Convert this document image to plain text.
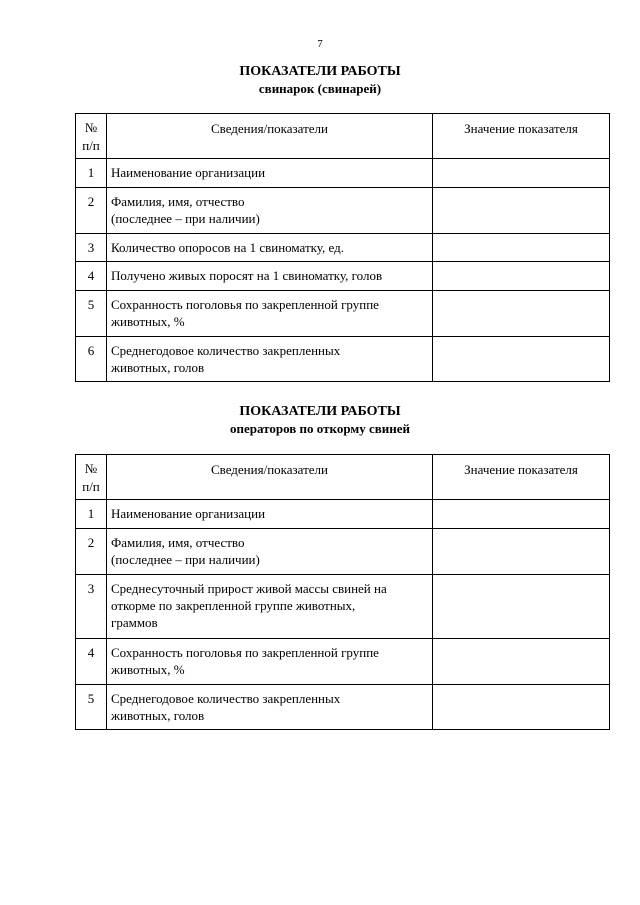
7
ПОКАЗАТЕЛИ РАБОТЫ
свинарок (свинарей)
№
п/п	Сведения/показатели	Значение показателя
1	Наименование организации	

2	Фамилия, имя, отчество
(последнее – при наличии)	

3	Количество опоросов на 1 свиноматку, ед.	

4	Получено живых поросят на 1 свиноматку, голов	

5	Сохранность поголовья по закрепленной группе
животных, %	

6	Среднегодовое количество закрепленных
животных, голов	

ПОКАЗАТЕЛИ РАБОТЫ
операторов по откорму свиней
№
п/п	Сведения/показатели	Значение показателя
1	Наименование организации	

2	Фамилия, имя, отчество
(последнее – при наличии)	

3	Среднесуточный прирост живой массы свиней на
откорме по закрепленной группе животных,
граммов	

4	Сохранность поголовья по закрепленной группе
животных, %	

5	Среднегодовое количество закрепленных
животных, голов	
